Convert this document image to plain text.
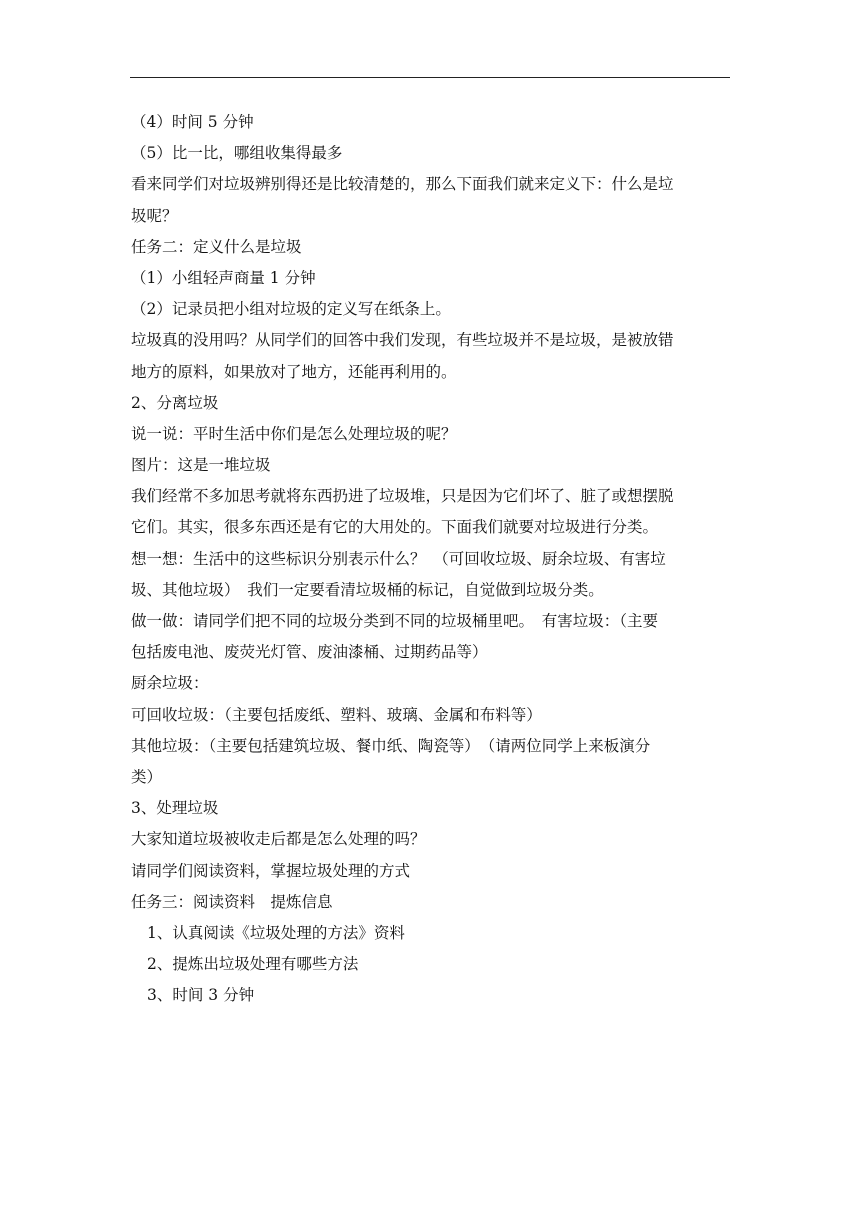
（4）时间 5 分钟
（5）比一比，哪组收集得最多
看来同学们对垃圾辨别得还是比较清楚的，那么下面我们就来定义下：什么是垃
圾呢？
任务二：定义什么是垃圾
（1）小组轻声商量 1 分钟
（2）记录员把小组对垃圾的定义写在纸条上。
垃圾真的没用吗？从同学们的回答中我们发现，有些垃圾并不是垃圾，是被放错
地方的原料，如果放对了地方，还能再利用的。
2、分离垃圾
说一说：平时生活中你们是怎么处理垃圾的呢？
图片：这是一堆垃圾
我们经常不多加思考就将东西扔进了垃圾堆，只是因为它们坏了、脏了或想摆脱
它们。其实，很多东西还是有它的大用处的。下面我们就要对垃圾进行分类。
想一想：生活中的这些标识分别表示什么？　（可回收垃圾、厨余垃圾、有害垃
圾、其他垃圾）　我们一定要看清垃圾桶的标记，自觉做到垃圾分类。
做一做：请同学们把不同的垃圾分类到不同的垃圾桶里吧。　有害垃圾：（主要
包括废电池、废荧光灯管、废油漆桶、过期药品等）
厨余垃圾：
可回收垃圾：（主要包括废纸、塑料、玻璃、金属和布料等）
其他垃圾：（主要包括建筑垃圾、餐巾纸、陶瓷等）　（请两位同学上来板演分
类）
3、处理垃圾
大家知道垃圾被收走后都是怎么处理的吗？
请同学们阅读资料，掌握垃圾处理的方式
任务三：阅读资料　提炼信息
1、认真阅读《垃圾处理的方法》资料
2、提炼出垃圾处理有哪些方法
3、时间 3 分钟
